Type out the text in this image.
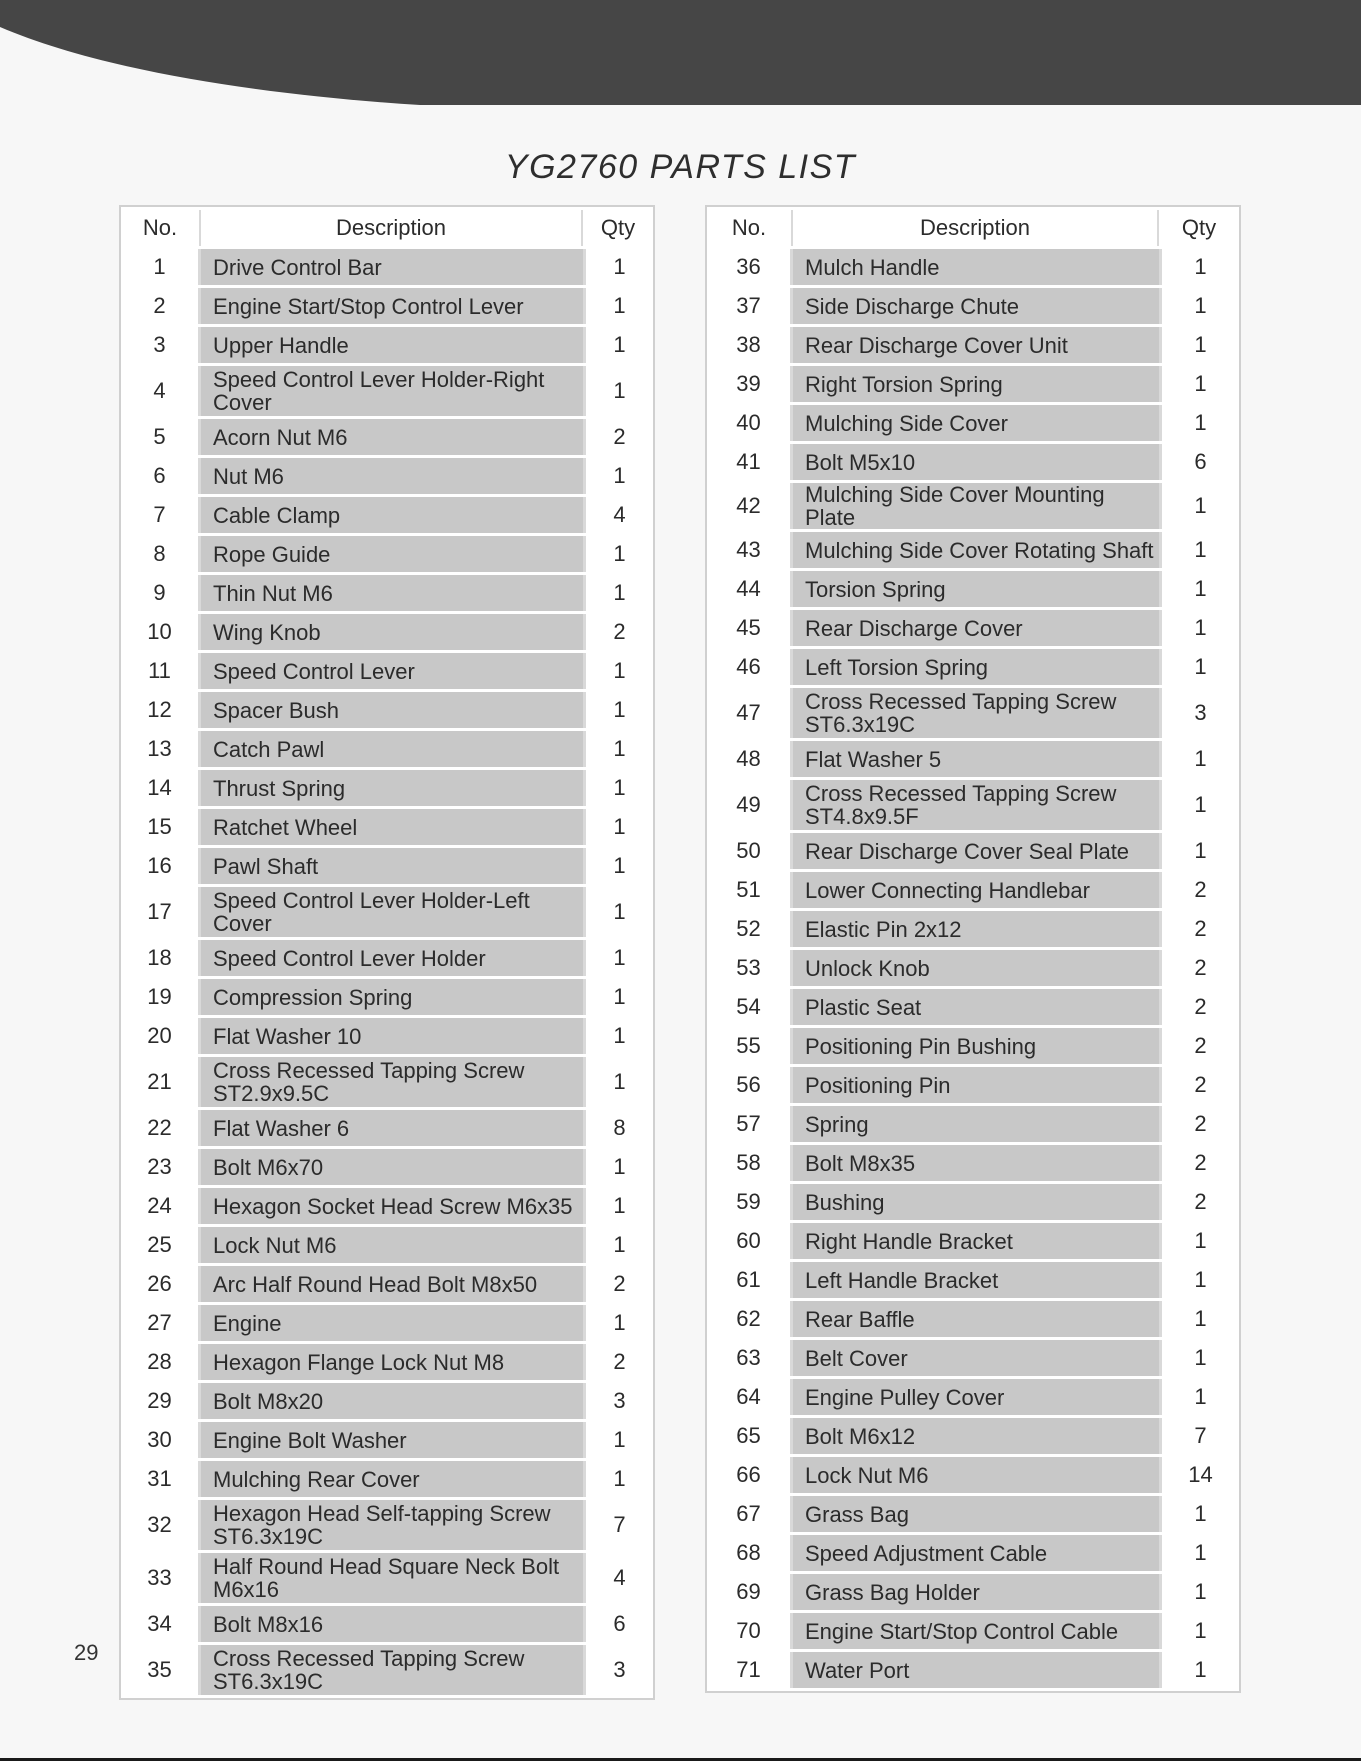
YG2760 PARTS LIST
No.	Description	Qty
1	Drive Control Bar	1
2	Engine Start/Stop Control Lever	1
3	Upper Handle	1
4	Speed Control Lever Holder-Right Cover	1
5	Acorn Nut M6	2
6	Nut M6	1
7	Cable Clamp	4
8	Rope Guide	1
9	Thin Nut M6	1
10	Wing Knob	2
11	Speed Control Lever	1
12	Spacer Bush	1
13	Catch Pawl	1
14	Thrust Spring	1
15	Ratchet Wheel	1
16	Pawl Shaft	1
17	Speed Control Lever Holder-Left Cover	1
18	Speed Control Lever Holder	1
19	Compression Spring	1
20	Flat Washer 10	1
21	Cross Recessed Tapping Screw ST2.9x9.5C	1
22	Flat Washer 6	8
23	Bolt M6x70	1
24	Hexagon Socket Head Screw M6x35	1
25	Lock Nut M6	1
26	Arc Half Round Head Bolt M8x50	2
27	Engine	1
28	Hexagon Flange Lock Nut M8	2
29	Bolt M8x20	3
30	Engine Bolt Washer	1
31	Mulching Rear Cover	1
32	Hexagon Head Self-tapping Screw ST6.3x19C	7
33	Half Round Head Square Neck Bolt M6x16	4
34	Bolt M8x16	6
35	Cross Recessed Tapping Screw ST6.3x19C	3
No.	Description	Qty
36	Mulch Handle	1
37	Side Discharge Chute	1
38	Rear Discharge Cover Unit	1
39	Right Torsion Spring	1
40	Mulching Side Cover	1
41	Bolt M5x10	6
42	Mulching Side Cover Mounting Plate	1
43	Mulching Side Cover Rotating Shaft	1
44	Torsion Spring	1
45	Rear Discharge Cover	1
46	Left Torsion Spring	1
47	Cross Recessed Tapping Screw ST6.3x19C	3
48	Flat Washer 5	1
49	Cross Recessed Tapping Screw ST4.8x9.5F	1
50	Rear Discharge Cover Seal Plate	1
51	Lower Connecting Handlebar	2
52	Elastic Pin 2x12	2
53	Unlock Knob	2
54	Plastic Seat	2
55	Positioning Pin Bushing	2
56	Positioning Pin	2
57	Spring	2
58	Bolt M8x35	2
59	Bushing	2
60	Right Handle Bracket	1
61	Left Handle Bracket	1
62	Rear Baffle	1
63	Belt Cover	1
64	Engine Pulley Cover	1
65	Bolt M6x12	7
66	Lock Nut M6	14
67	Grass Bag	1
68	Speed Adjustment Cable	1
69	Grass Bag Holder	1
70	Engine Start/Stop Control Cable	1
71	Water Port	1
29
